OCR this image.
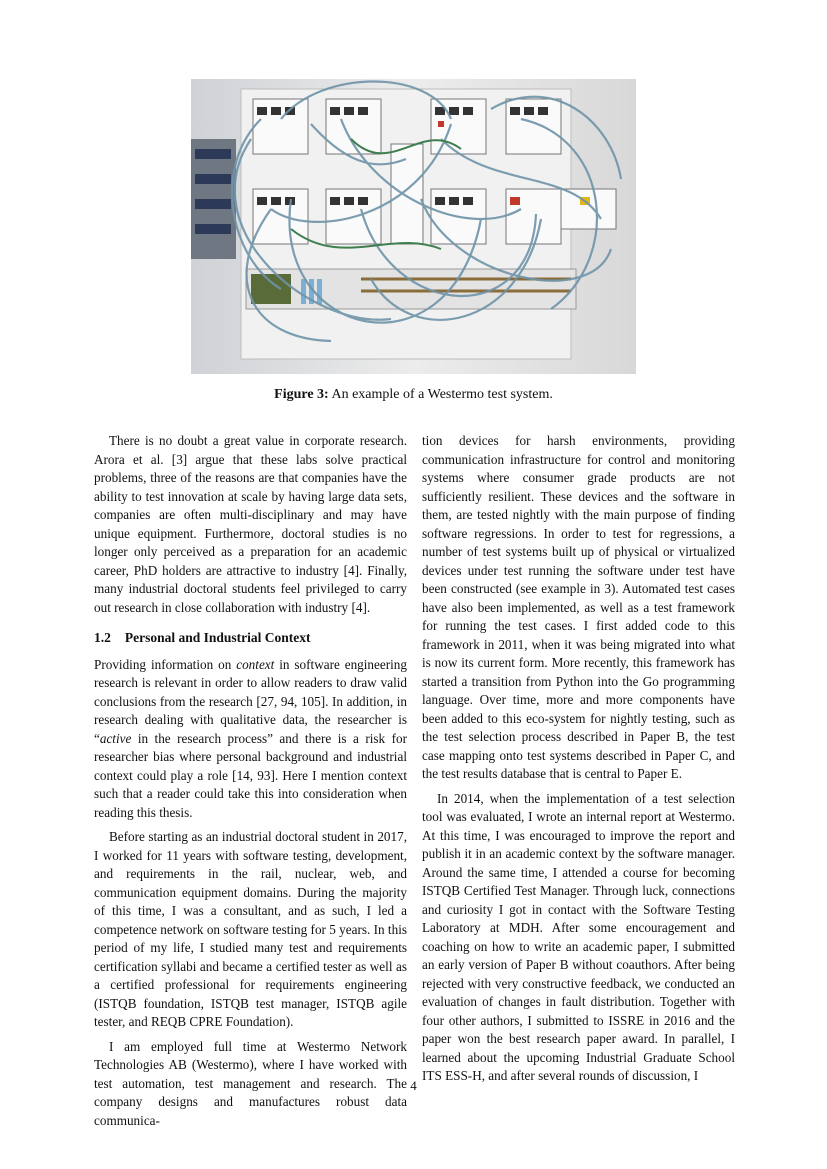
Figure 3: An example of a Westermo test system.

There is no doubt a great value in corporate research. Arora et al. [3] argue that these labs solve practical problems, three of the reasons are that companies have the ability to test innovation at scale by having large data sets, companies are often multi-disciplinary and may have unique equipment. Furthermore, doctoral studies is no longer only perceived as a preparation for an academic career, PhD holders are attractive to industry [4]. Finally, many industrial doctoral students feel privileged to carry out research in close collaboration with industry [4].

1.2 Personal and Industrial Context

Providing information on context in software engineering research is relevant in order to allow readers to draw valid conclusions from the research [27, 94, 105]. In addition, in research dealing with qualitative data, the researcher is “active in the research process” and there is a risk for researcher bias where personal background and industrial context could play a role [14, 93]. Here I mention context such that a reader could take this into consideration when reading this thesis.

Before starting as an industrial doctoral student in 2017, I worked for 11 years with software testing, development, and requirements in the rail, nuclear, web, and communication equipment domains. During the majority of this time, I was a consultant, and as such, I led a competence network on software testing for 5 years. In this period of my life, I studied many test and requirements certification syllabi and became a certified tester as well as a certified professional for requirements engineering (ISTQB foundation, ISTQB test manager, ISTQB agile tester, and REQB CPRE Foundation).

I am employed full time at Westermo Network Technologies AB (Westermo), where I have worked with test automation, test management and research. The company designs and manufactures robust data communica-

tion devices for harsh environments, providing communication infrastructure for control and monitoring systems where consumer grade products are not sufficiently resilient. These devices and the software in them, are tested nightly with the main purpose of finding software regressions. In order to test for regressions, a number of test systems built up of physical or virtualized devices under test running the software under test have been constructed (see example in 3). Automated test cases have also been implemented, as well as a test framework for running the test cases. I first added code to this framework in 2011, when it was being migrated into what is now its current form. More recently, this framework has started a transition from Python into the Go programming language. Over time, more and more components have been added to this eco-system for nightly testing, such as the test selection process described in Paper B, the test case mapping onto test systems described in Paper C, and the test results database that is central to Paper E.

In 2014, when the implementation of a test selection tool was evaluated, I wrote an internal report at Westermo. At this time, I was encouraged to improve the report and publish it in an academic context by the software manager. Around the same time, I attended a course for becoming ISTQB Certified Test Manager. Through luck, connections and curiosity I got in contact with the Software Testing Laboratory at MDH. After some encouragement and coaching on how to write an academic paper, I submitted an early version of Paper B without coauthors. After being rejected with very constructive feedback, we conducted an evaluation of changes in fault distribution. Together with four other authors, I submitted to ISSRE in 2016 and the paper won the best research paper award. In parallel, I learned about the upcoming Industrial Graduate School ITS ESS-H, and after several rounds of discussion, I

4
